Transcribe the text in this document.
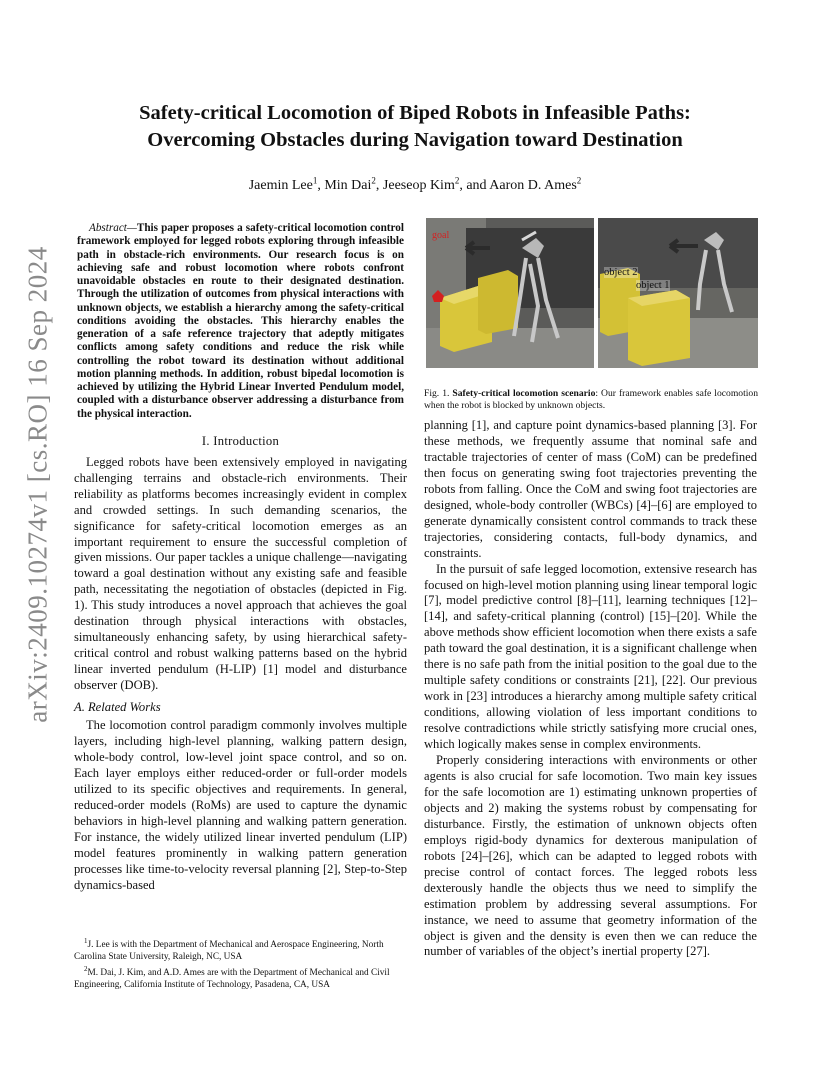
arXiv:2409.10274v1 [cs.RO] 16 Sep 2024
Safety-critical Locomotion of Biped Robots in Infeasible Paths:
Overcoming Obstacles during Navigation toward Destination
Jaemin Lee$^1$, Min Dai$^2$, Jeeseop Kim$^2$, and Aaron D. Ames$^2$

Abstract—This paper proposes a safety-critical locomotion control framework employed for legged robots exploring through infeasible path in obstacle-rich environments. Our research focus is on achieving safe and robust locomotion where robots confront unavoidable obstacles en route to their designated destination. Through the utilization of outcomes from physical interactions with unknown objects, we establish a hierarchy among the safety-critical conditions avoiding the obstacles. This hierarchy enables the generation of a safe reference trajectory that adeptly mitigates conflicts among safety conditions and reduce the risk while controlling the robot toward its destination without additional motion planning methods. In addition, robust bipedal locomotion is achieved by utilizing the Hybrid Linear Inverted Pendulum model, coupled with a disturbance observer addressing a disturbance from the physical interaction.

I. Introduction

Legged robots have been extensively employed in navigating challenging terrains and obstacle-rich environments. Their reliability as platforms becomes increasingly evident in complex and crowded settings. In such demanding scenarios, the significance for safety-critical locomotion emerges as an important requirement to ensure the successful completion of given missions. Our paper tackles a unique challenge—navigating toward a goal destination without any existing safe and feasible path, necessitating the negotiation of obstacles (depicted in Fig. 1). This study introduces a novel approach that achieves the goal destination through physical interactions with obstacles, simultaneously enhancing safety, by using hierarchical safety-critical control and robust walking patterns based on the hybrid linear inverted pendulum (H-LIP) [1] model and disturbance observer (DOB).

A. Related Works

The locomotion control paradigm commonly involves multiple layers, including high-level planning, walking pattern design, whole-body control, low-level joint space control, and so on. Each layer employs either reduced-order or full-order models utilized to its specific objectives and requirements. In general, reduced-order models (RoMs) are used to capture the dynamic behaviors in high-level planning and walking pattern generation. For instance, the widely utilized linear inverted pendulum (LIP) model features prominently in walking pattern generation processes like time-to-velocity reversal planning [2], Step-to-Step dynamics-based

$^1$J. Lee is with the Department of Mechanical and Aerospace Engineering, North Carolina State University, Raleigh, NC, USA

$^2$M. Dai, J. Kim, and A.D. Ames are with the Department of Mechanical and Civil Engineering, California Institute of Technology, Pasadena, CA, USA

goal
object 2
object 1
Fig. 1. Safety-critical locomotion scenario: Our framework enables safe locomotion when the robot is blocked by unknown objects.

planning [1], and capture point dynamics-based planning [3]. For these methods, we frequently assume that nominal safe and tractable trajectories of center of mass (CoM) can be predefined then focus on generating swing foot trajectories preventing the robots from falling. Once the CoM and swing foot trajectories are designed, whole-body controller (WBCs) [4]–[6] are employed to generate dynamically consistent control commands to track these trajectories, considering contacts, full-body dynamics, and constraints.

In the pursuit of safe legged locomotion, extensive research has focused on high-level motion planning using linear temporal logic [7], model predictive control [8]–[11], learning techniques [12]–[14], and safety-critical planning (control) [15]–[20]. While the above methods show efficient locomotion when there exists a safe path toward the goal destination, it is a significant challenge when there is no safe path from the initial position to the goal due to the multiple safety conditions or constraints [21], [22]. Our previous work in [23] introduces a hierarchy among multiple safety critical conditions, allowing violation of less important conditions to resolve contradictions while strictly satisfying more crucial ones, which logically makes sense in complex environments.

Properly considering interactions with environments or other agents is also crucial for safe locomotion. Two main key issues for the safe locomotion are 1) estimating unknown properties of objects and 2) making the systems robust by compensating for disturbance. Firstly, the estimation of unknown objects often employs rigid-body dynamics for dexterous manipulation of robots [24]–[26], which can be adapted to legged robots with precise control of contact forces. The legged robots less dexterously handle the objects thus we need to simplify the estimation problem by addressing several assumptions. For instance, we need to assume that geometry information of the object is given and the density is even then we can reduce the number of variables of the object’s inertial property [27].
